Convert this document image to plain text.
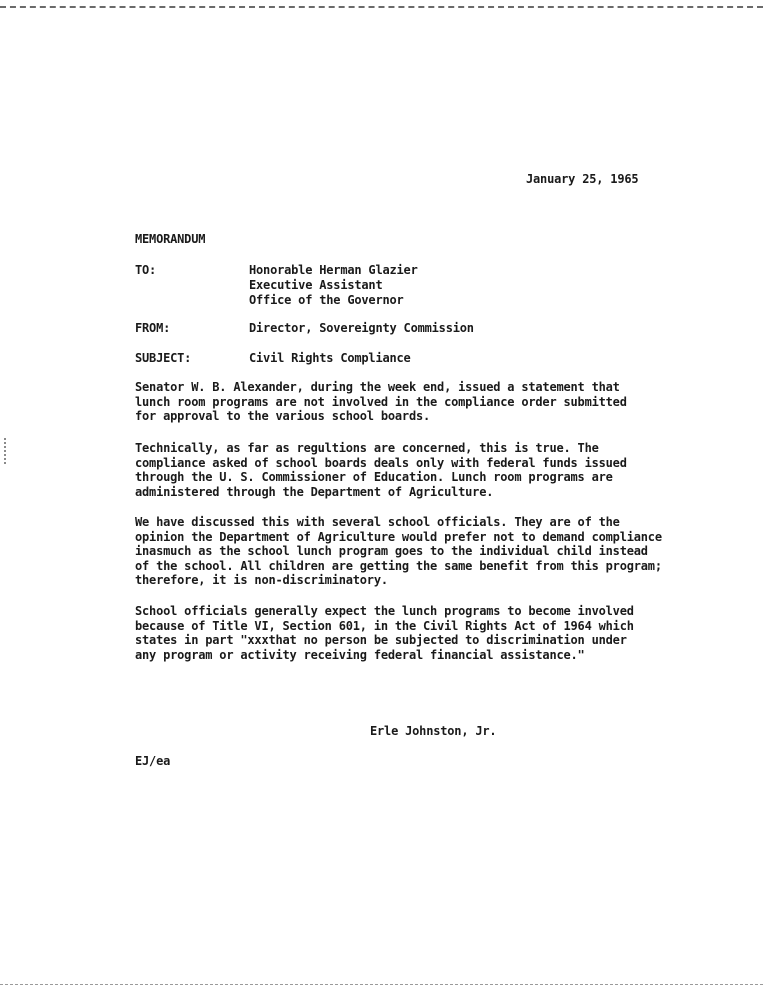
January 25, 1965
MEMORANDUM
TO:	Honorable Herman Glazier
Executive Assistant
Office of the Governor
FROM:	Director, Sovereignty Commission
SUBJECT:	Civil Rights Compliance
Senator W. B. Alexander, during the week end, issued a statement that
lunch room programs are not involved in the compliance order submitted
for approval to the various school boards.
Technically, as far as regultions are concerned, this is true. The
compliance asked of school boards deals only with federal funds issued
through the U. S. Commissioner of Education. Lunch room programs are
administered through the Department of Agriculture.
We have discussed this with several school officials. They are of the
opinion the Department of Agriculture would prefer not to demand compliance
inasmuch as the school lunch program goes to the individual child instead
of the school. All children are getting the same benefit from this program;
therefore, it is non-discriminatory.
School officials generally expect the lunch programs to become involved
because of Title VI, Section 601, in the Civil Rights Act of 1964 which
states in part "xxxthat no person be subjected to discrimination under
any program or activity receiving federal financial assistance."
Erle Johnston, Jr.
EJ/ea
